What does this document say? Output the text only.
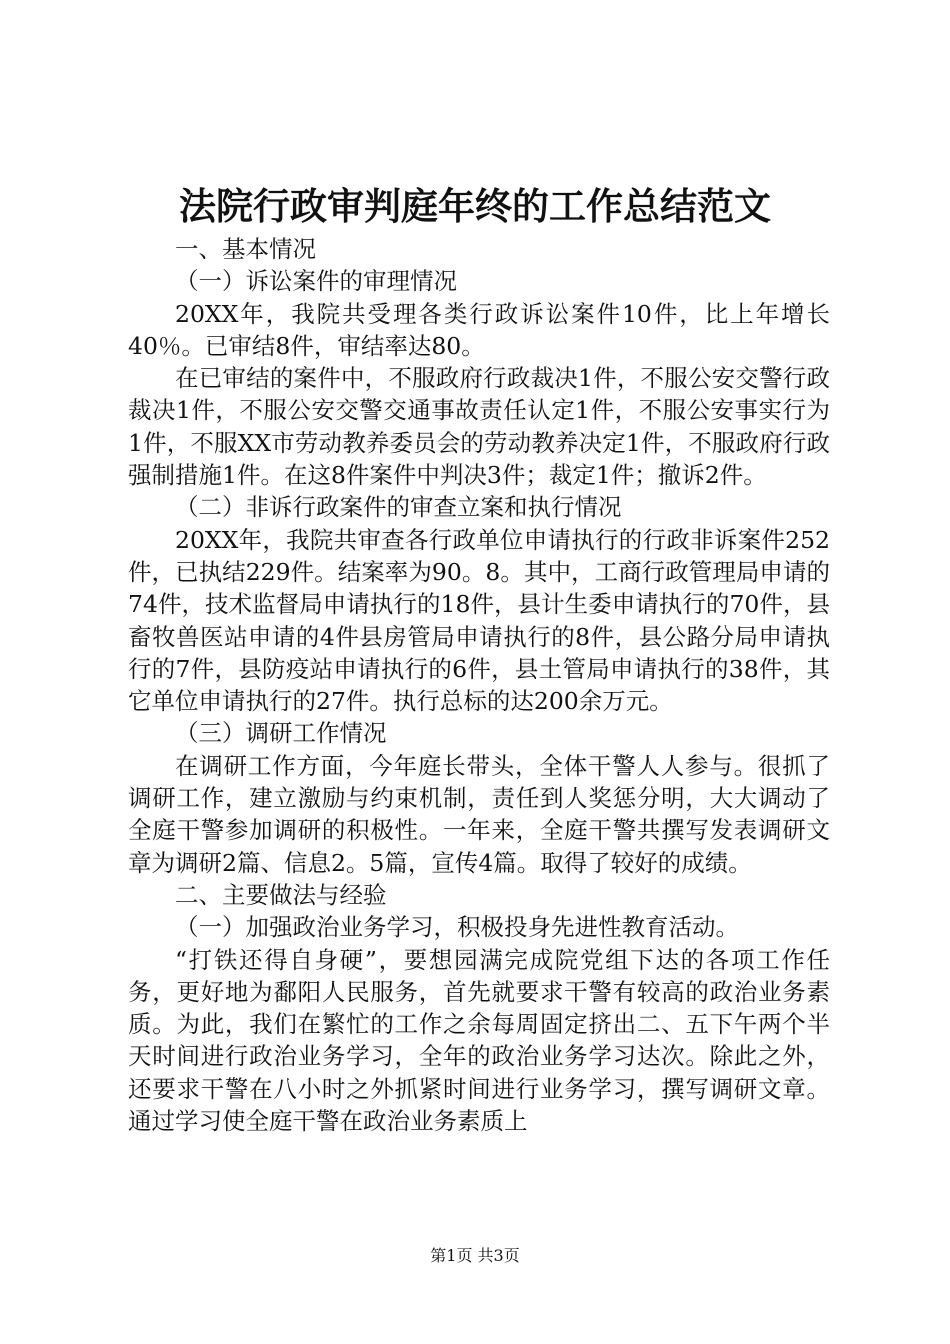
法院行政审判庭年终的工作总结范文

一、基本情况

（一）诉讼案件的审理情况

20XX年，我院共受理各类行政诉讼案件10件，比上年增长40％。已审结8件，审结率达80。

在已审结的案件中，不服政府行政裁决1件，不服公安交警行政裁决1件，不服公安交警交通事故责任认定1件，不服公安事实行为1件，不服XX市劳动教养委员会的劳动教养决定1件，不服政府行政强制措施1件。在这8件案件中判决3件；裁定1件；撤诉2件。

（二）非诉行政案件的审查立案和执行情况

20XX年，我院共审查各行政单位申请执行的行政非诉案件252件，已执结229件。结案率为90。8。其中，工商行政管理局申请的74件，技术监督局申请执行的18件，县计生委申请执行的70件，县畜牧兽医站申请的4件县房管局申请执行的8件，县公路分局申请执行的7件，县防疫站申请执行的6件，县土管局申请执行的38件，其它单位申请执行的27件。执行总标的达200余万元。

（三）调研工作情况

在调研工作方面，今年庭长带头，全体干警人人参与。很抓了调研工作，建立激励与约束机制，责任到人奖惩分明，大大调动了全庭干警参加调研的积极性。一年来，全庭干警共撰写发表调研文章为调研2篇、信息2。5篇，宣传4篇。取得了较好的成绩。

二、主要做法与经验

（一）加强政治业务学习，积极投身先进性教育活动。

“打铁还得自身硬”，要想园满完成院党组下达的各项工作任务，更好地为鄱阳人民服务，首先就要求干警有较高的政治业务素质。为此，我们在繁忙的工作之余每周固定挤出二、五下午两个半天时间进行政治业务学习，全年的政治业务学习达次。除此之外，还要求干警在八小时之外抓紧时间进行业务学习，撰写调研文章。通过学习使全庭干警在政治业务素质上

第1页 共3页
